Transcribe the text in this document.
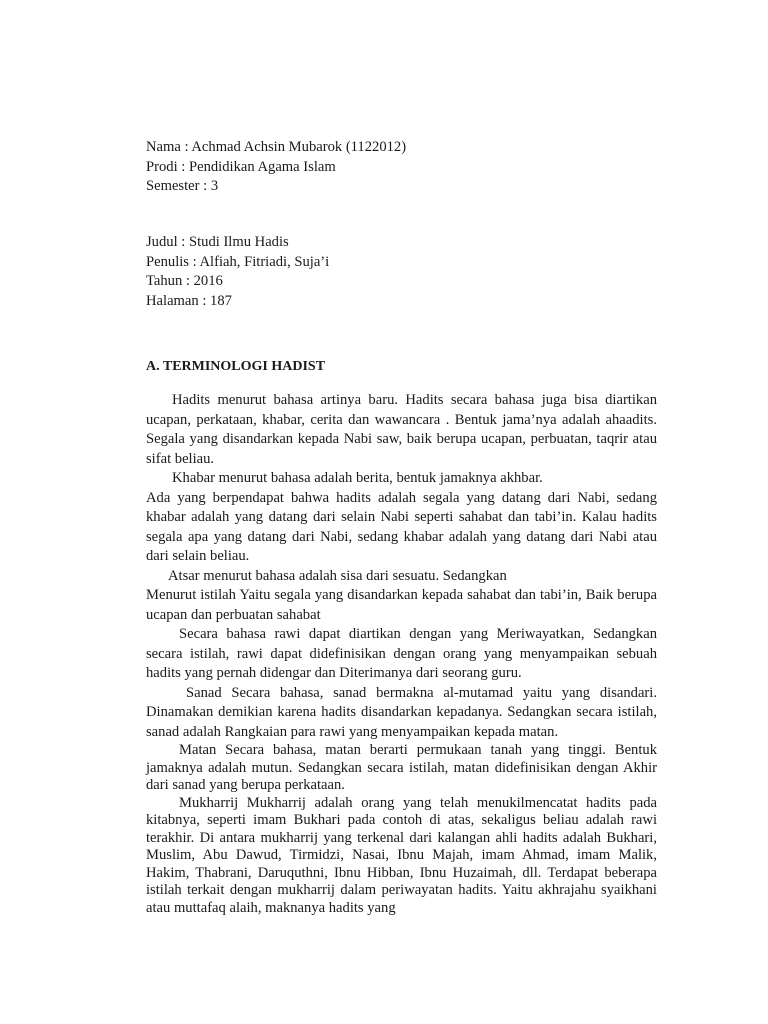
Nama : Achmad Achsin Mubarok (1122012)
Prodi : Pendidikan Agama Islam
Semester : 3
Judul : Studi Ilmu Hadis
Penulis : Alfiah, Fitriadi, Suja’i
Tahun : 2016
Halaman : 187
A. TERMINOLOGI HADIST

Hadits menurut bahasa artinya baru. Hadits secara bahasa juga bisa diartikan ucapan, perkataan, khabar, cerita dan wawancara . Bentuk jama’nya adalah ahaadits. Segala yang disandarkan kepada Nabi saw, baik berupa ucapan, perbuatan, taqrir atau sifat beliau.

Khabar menurut bahasa adalah berita, bentuk jamaknya akhbar.

Ada yang berpendapat bahwa hadits adalah segala yang datang dari Nabi, sedang khabar adalah yang datang dari selain Nabi seperti sahabat dan tabi’in. Kalau hadits segala apa yang datang dari Nabi, sedang khabar adalah yang datang dari Nabi atau dari selain beliau.

Atsar menurut bahasa adalah sisa dari sesuatu. Sedangkan

Menurut istilah Yaitu segala yang disandarkan kepada sahabat dan tabi’in, Baik berupa ucapan dan perbuatan sahabat

Secara bahasa rawi dapat diartikan dengan yang Meriwayatkan, Sedangkan secara istilah, rawi dapat didefinisikan dengan orang yang menyampaikan sebuah hadits yang pernah didengar dan Diterimanya dari seorang guru.

Sanad Secara bahasa, sanad bermakna al-mutamad yaitu yang disandari. Dinamakan demikian karena hadits disandarkan kepadanya. Sedangkan secara istilah, sanad adalah Rangkaian para rawi yang menyampaikan kepada matan.

Matan Secara bahasa, matan berarti permukaan tanah yang tinggi. Bentuk jamaknya adalah mutun. Sedangkan secara istilah, matan didefinisikan dengan Akhir dari sanad yang berupa perkataan.

Mukharrij Mukharrij adalah orang yang telah menukilmencatat hadits pada kitabnya, seperti imam Bukhari pada contoh di atas, sekaligus beliau adalah rawi terakhir. Di antara mukharrij yang terkenal dari kalangan ahli hadits adalah Bukhari, Muslim, Abu Dawud, Tirmidzi, Nasai, Ibnu Majah, imam Ahmad, imam Malik, Hakim, Thabrani, Daruquthni, Ibnu Hibban, Ibnu Huzaimah, dll. Terdapat beberapa istilah terkait dengan mukharrij dalam periwayatan hadits. Yaitu akhrajahu syaikhani atau muttafaq alaih, maknanya hadits yang
